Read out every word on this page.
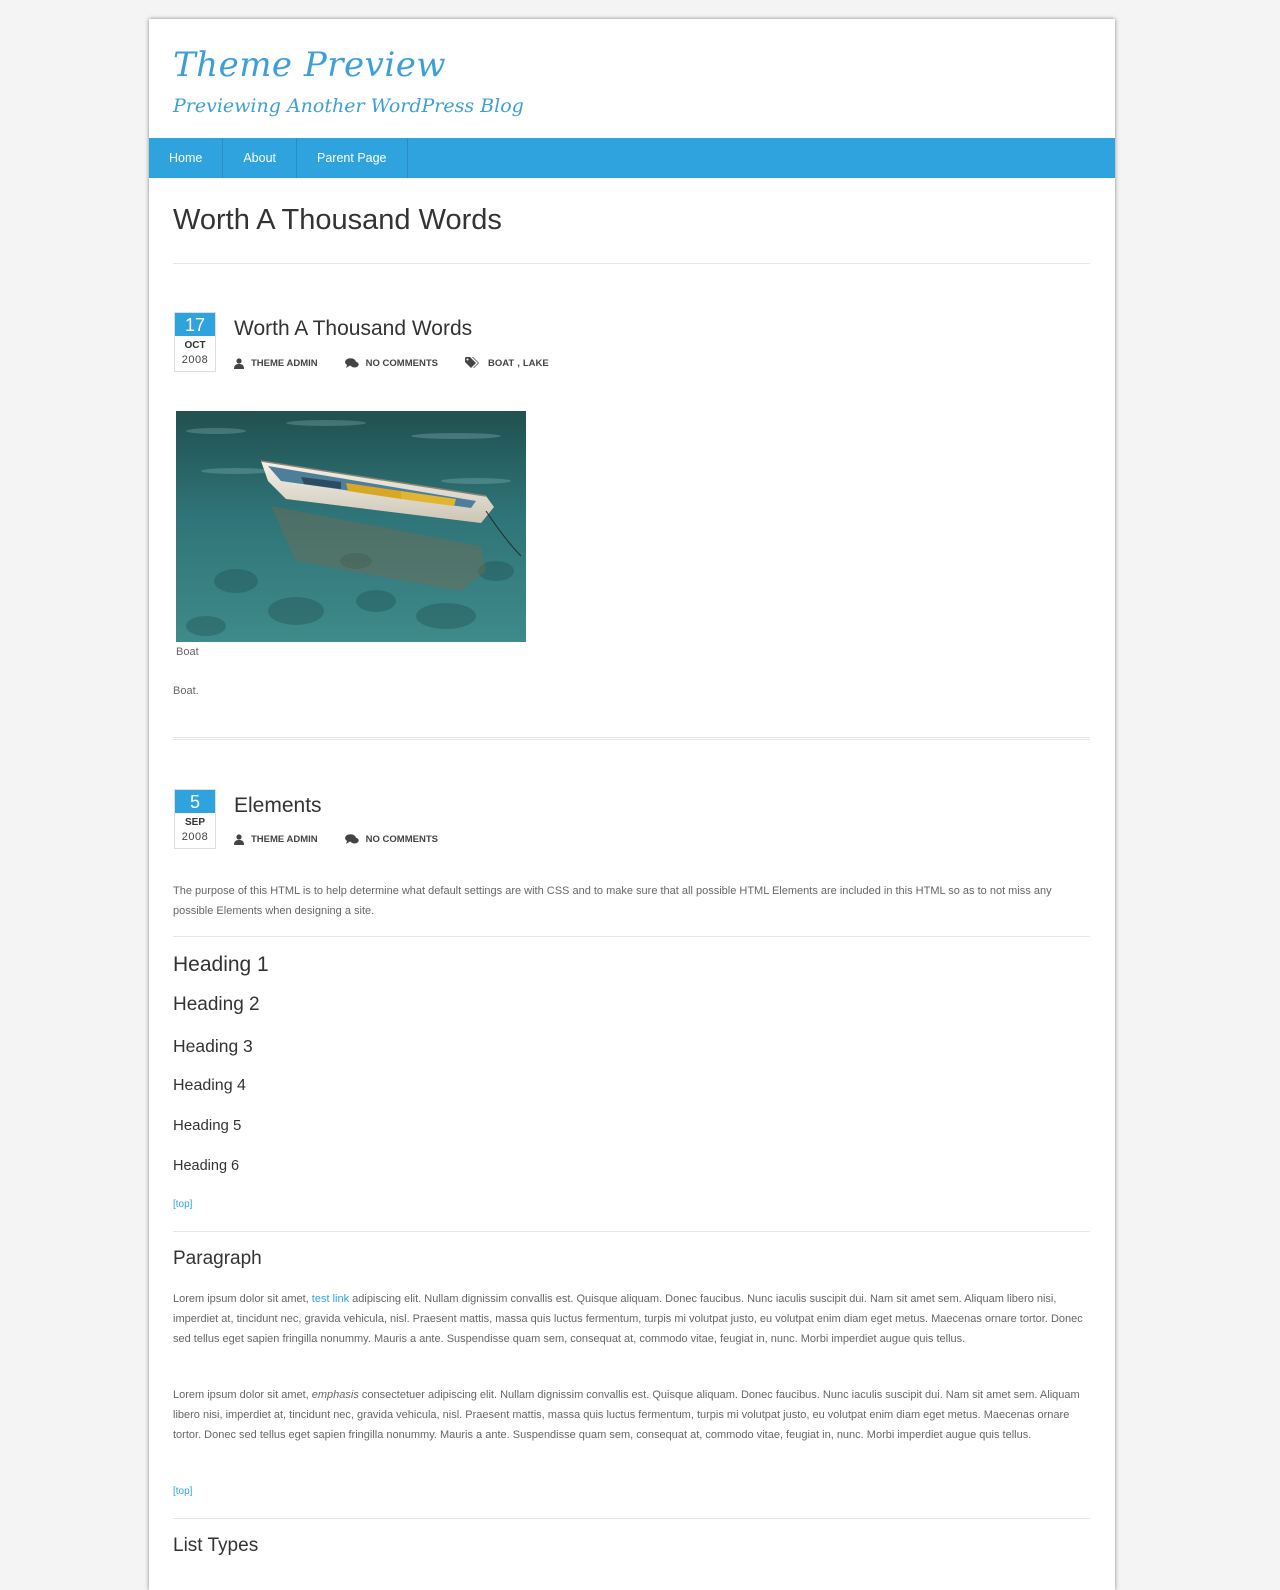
Theme Preview
Previewing Another WordPress Blog
Home	About	Parent Page
Worth A Thousand Words
17
OCT
2008
Worth A Thousand Words
THEME ADMIN	NO COMMENTS	BOAT , LAKE
Boat
Boat.
5
SEP
2008
Elements
THEME ADMIN	NO COMMENTS

The purpose of this HTML is to help determine what default settings are with CSS and to make sure that all possible HTML Elements are included in this HTML so as to not miss any possible Elements when designing a site.

Heading 1
Heading 2
Heading 3
Heading 4
Heading 5
Heading 6
[top]
Paragraph

Lorem ipsum dolor sit amet, test link adipiscing elit. Nullam dignissim convallis est. Quisque aliquam. Donec faucibus. Nunc iaculis suscipit dui. Nam sit amet sem. Aliquam libero nisi, imperdiet at, tincidunt nec, gravida vehicula, nisl. Praesent mattis, massa quis luctus fermentum, turpis mi volutpat justo, eu volutpat enim diam eget metus. Maecenas ornare tortor. Donec sed tellus eget sapien fringilla nonummy. Mauris a ante. Suspendisse quam sem, consequat at, commodo vitae, feugiat in, nunc. Morbi imperdiet augue quis tellus.

Lorem ipsum dolor sit amet, emphasis consectetuer adipiscing elit. Nullam dignissim convallis est. Quisque aliquam. Donec faucibus. Nunc iaculis suscipit dui. Nam sit amet sem. Aliquam libero nisi, imperdiet at, tincidunt nec, gravida vehicula, nisl. Praesent mattis, massa quis luctus fermentum, turpis mi volutpat justo, eu volutpat enim diam eget metus. Maecenas ornare tortor. Donec sed tellus eget sapien fringilla nonummy. Mauris a ante. Suspendisse quam sem, consequat at, commodo vitae, feugiat in, nunc. Morbi imperdiet augue quis tellus.

[top]
List Types
